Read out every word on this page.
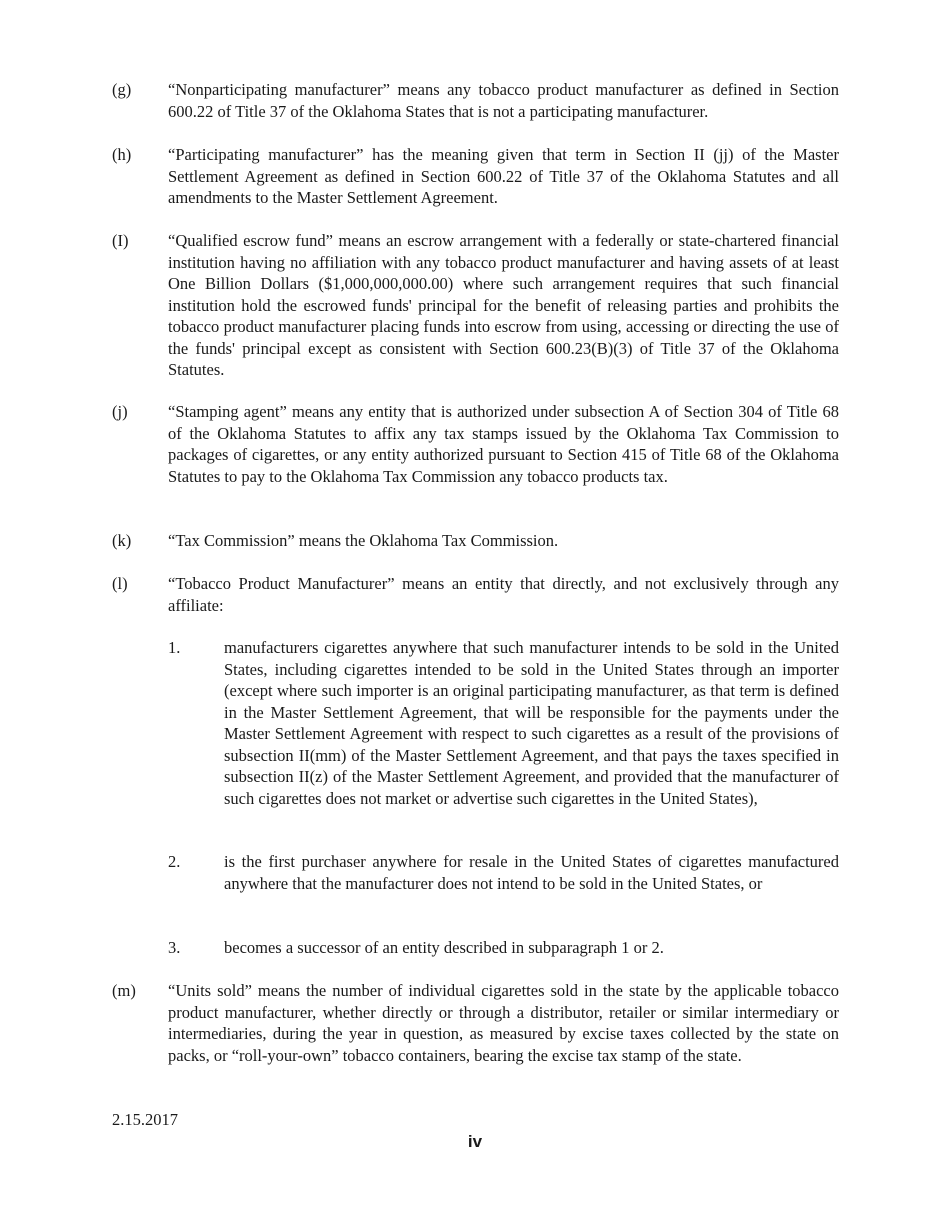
(g) “Nonparticipating manufacturer” means any tobacco product manufacturer as defined in Section 600.22 of Title 37 of the Oklahoma States that is not a participating manufacturer.
(h) “Participating manufacturer” has the meaning given that term in Section II (jj) of the Master Settlement Agreement as defined in Section 600.22 of Title 37 of the Oklahoma Statutes and all amendments to the Master Settlement Agreement.
(I) “Qualified escrow fund” means an escrow arrangement with a federally or state-chartered financial institution having no affiliation with any tobacco product manufacturer and having assets of at least One Billion Dollars ($1,000,000,000.00) where such arrangement requires that such financial institution hold the escrowed funds' principal for the benefit of releasing parties and prohibits the tobacco product manufacturer placing funds into escrow from using, accessing or directing the use of the funds' principal except as consistent with Section 600.23(B)(3) of Title 37 of the Oklahoma Statutes.
(j) “Stamping agent” means any entity that is authorized under subsection A of Section 304 of Title 68 of the Oklahoma Statutes to affix any tax stamps issued by the Oklahoma Tax Commission to packages of cigarettes, or any entity authorized pursuant to Section 415 of Title 68 of the Oklahoma Statutes to pay to the Oklahoma Tax Commission any tobacco products tax.
(k) “Tax Commission” means the Oklahoma Tax Commission.
(l) “Tobacco Product Manufacturer” means an entity that directly, and not exclusively through any affiliate:
1.	manufacturers cigarettes anywhere that such manufacturer intends to be sold in the United States, including cigarettes intended to be sold in the United States through an importer (except where such importer is an original participating manufacturer, as that term is defined in the Master Settlement Agreement, that will be responsible for the payments under the Master Settlement Agreement with respect to such cigarettes as a result of the provisions of subsection II(mm) of the Master Settlement Agreement, and that pays the taxes specified in subsection II(z) of the Master Settlement Agreement, and provided that the manufacturer of such cigarettes does not market or advertise such cigarettes in the United States),
2.	is the first purchaser anywhere for resale in the United States of cigarettes manufactured anywhere that the manufacturer does not intend to be sold in the United States, or
3.	becomes a successor of an entity described in subparagraph 1 or 2.
(m) “Units sold” means the number of individual cigarettes sold in the state by the applicable tobacco product manufacturer, whether directly or through a distributor, retailer or similar intermediary or intermediaries, during the year in question, as measured by excise taxes collected by the state on packs, or “roll-your-own” tobacco containers, bearing the excise tax stamp of the state.
2.15.2017
iv
